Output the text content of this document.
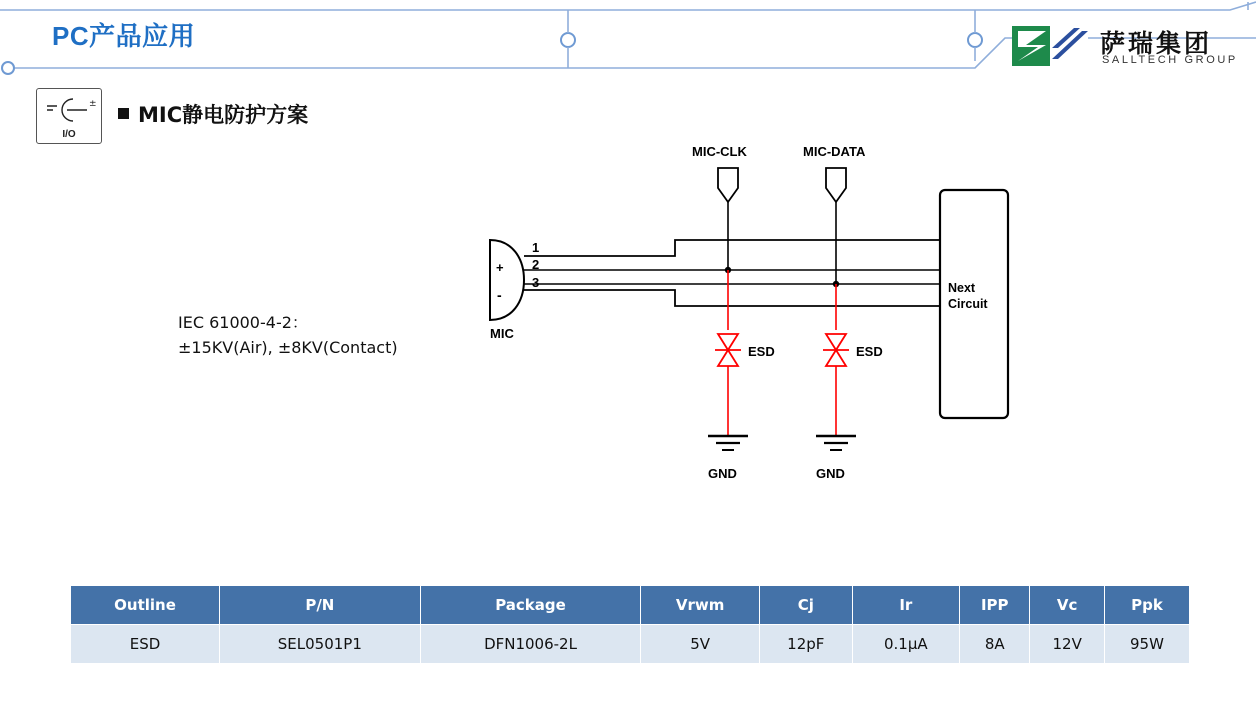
PC产品应用	萨瑞集团
SALLTECH GROUP
±
I/O
MIC静电防护方案
IEC 61000-4-2：
±15KV(Air), ±8KV(Contact)
+
-
MIC
1
2
3	Next
Circuit
MIC-CLK
ESD
GND
MIC-DATA
ESD
GND
Outline	P/N	Package	Vrwm	Cj	Ir	IPP	Vc	Ppk
ESD	SEL0501P1	DFN1006-2L	5V	12pF	0.1μA	8A	12V	95W
